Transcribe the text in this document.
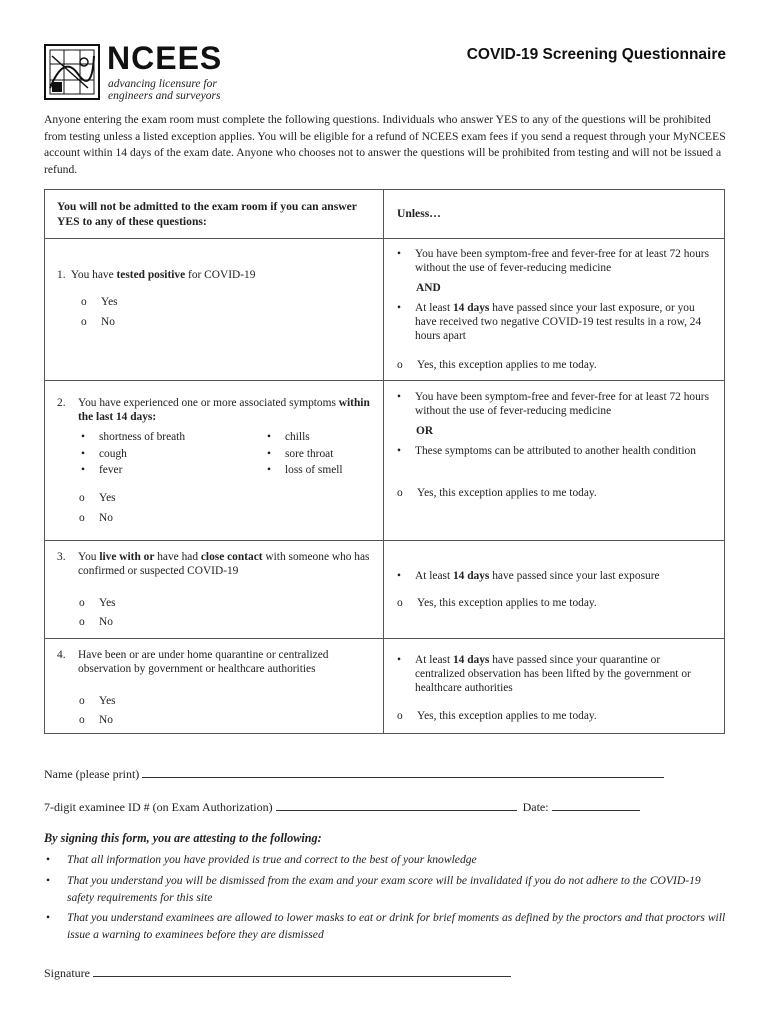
NCEES
advancing licensure for
engineers and surveyors
COVID-19 Screening Questionnaire
Anyone entering the exam room must complete the following questions. Individuals who answer YES to any of the questions will be prohibited from testing unless a listed exception applies. You will be eligible for a refund of NCEES exam fees if you send a request through your MyNCEES account within 14 days of the exam date. Anyone who chooses not to answer the questions will be prohibited from testing and will not be issued a refund.
You will not be admitted to the exam room if you can answer YES to any of these questions:
Unless…
1. You have tested positive for COVID-19
o Yes
o No
• You have been symptom-free and fever-free for at least 72 hours without the use of fever-reducing medicine
AND
• At least 14 days have passed since your last exposure, or you have received two negative COVID-19 test results in a row, 24 hours apart
o Yes, this exception applies to me today.
2. You have experienced one or more associated symptoms within the last 14 days:
• shortness of breath
• cough
• fever
• chills
• sore throat
• loss of smell
o Yes
o No
• You have been symptom-free and fever-free for at least 72 hours without the use of fever-reducing medicine
OR
• These symptoms can be attributed to another health condition
o Yes, this exception applies to me today.
3. You live with or have had close contact with someone who has confirmed or suspected COVID-19
o Yes
o No
• At least 14 days have passed since your last exposure
o Yes, this exception applies to me today.
4. Have been or are under home quarantine or centralized observation by government or healthcare authorities
o Yes
o No
• At least 14 days have passed since your quarantine or centralized observation has been lifted by the government or healthcare authorities
o Yes, this exception applies to me today.
Name (please print)
7-digit examinee ID # (on Exam Authorization)	Date:
By signing this form, you are attesting to the following:
• That all information you have provided is true and correct to the best of your knowledge
• That you understand you will be dismissed from the exam and your exam score will be invalidated if you do not adhere to the COVID-19 safety requirements for this site
• That you understand examinees are allowed to lower masks to eat or drink for brief moments as defined by the proctors and that proctors will issue a warning to examinees before they are dismissed
Signature
